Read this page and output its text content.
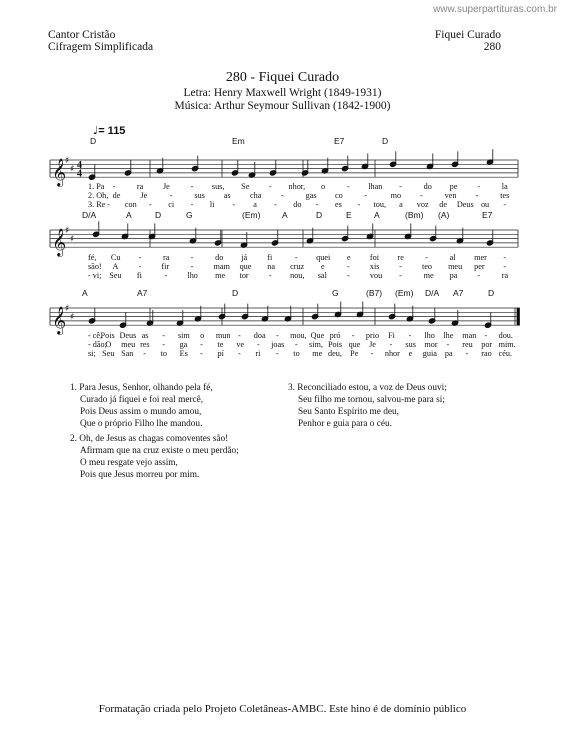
www.superpartituras.com.br
Cantor Cristão
Cifragem Simplificada
Fiquei Curado
280
280 - Fiquei Curado
Letra: Henry Maxwell Wright (1849-1931)
Música: Arthur Seymour Sullivan (1842-1900)
♩= 115
𝄞
♯
♯
𝄞
♯
♯
𝄞
♯
♯
4
4
D	Em	E7	D
D/A	A	D	G	(Em)	A	D	E	A	(Bm) (A)	E7
A	A7	D	G	(B7) (Em) D/A A7	D
1. Pa -	ra Je	- sus, Se - nhor, o	- lhan -	do pe -	la
2. Oh, de Je	-	sus as cha -	gas co	-	mo -	ven -	tes
3. Re - con - ci - li - a - do - es - tou, a voz de Deus ou -
fé, Cu -	ra	-	do já fi	- quei e foi re	-	al mer -
são! A - fir	- mam que na cruz e	- xis - teo meu per -
- vi; Seu fi	- lho me tor - nou, sal - vou -	me pa -	ra
- cê,
Pois Deus as - sim o mun - doa - mou, Que pró - prio Fi - lho lhe man - dou.
- dão;
O meu res - ga - te ve - joas - sim, Pois que Je - sus mor - reu por mim.
si; Seu San - to Es - pí - ri - to me deu, Pe - nhor e guia pa - rao céu.
1. Para Jesus, Senhor, olhando pela fé,
Curado já fiquei e foi real mercê,
Pois Deus assim o mundo amou,
Que o próprio Filho lhe mandou.
2. Oh, de Jesus as chagas comoventes são!
Afirmam que na cruz existe o meu perdão;
O meu resgate vejo assim,
Pois que Jesus morreu por mim.
3. Reconciliado estou, a voz de Deus ouvi;
Seu filho me tornou, salvou-me para si;
Seu Santo Espírito me deu,
Penhor e guia para o céu.
Formatação criada pelo Projeto Coletâneas-AMBC. Este hino é de domínio público
